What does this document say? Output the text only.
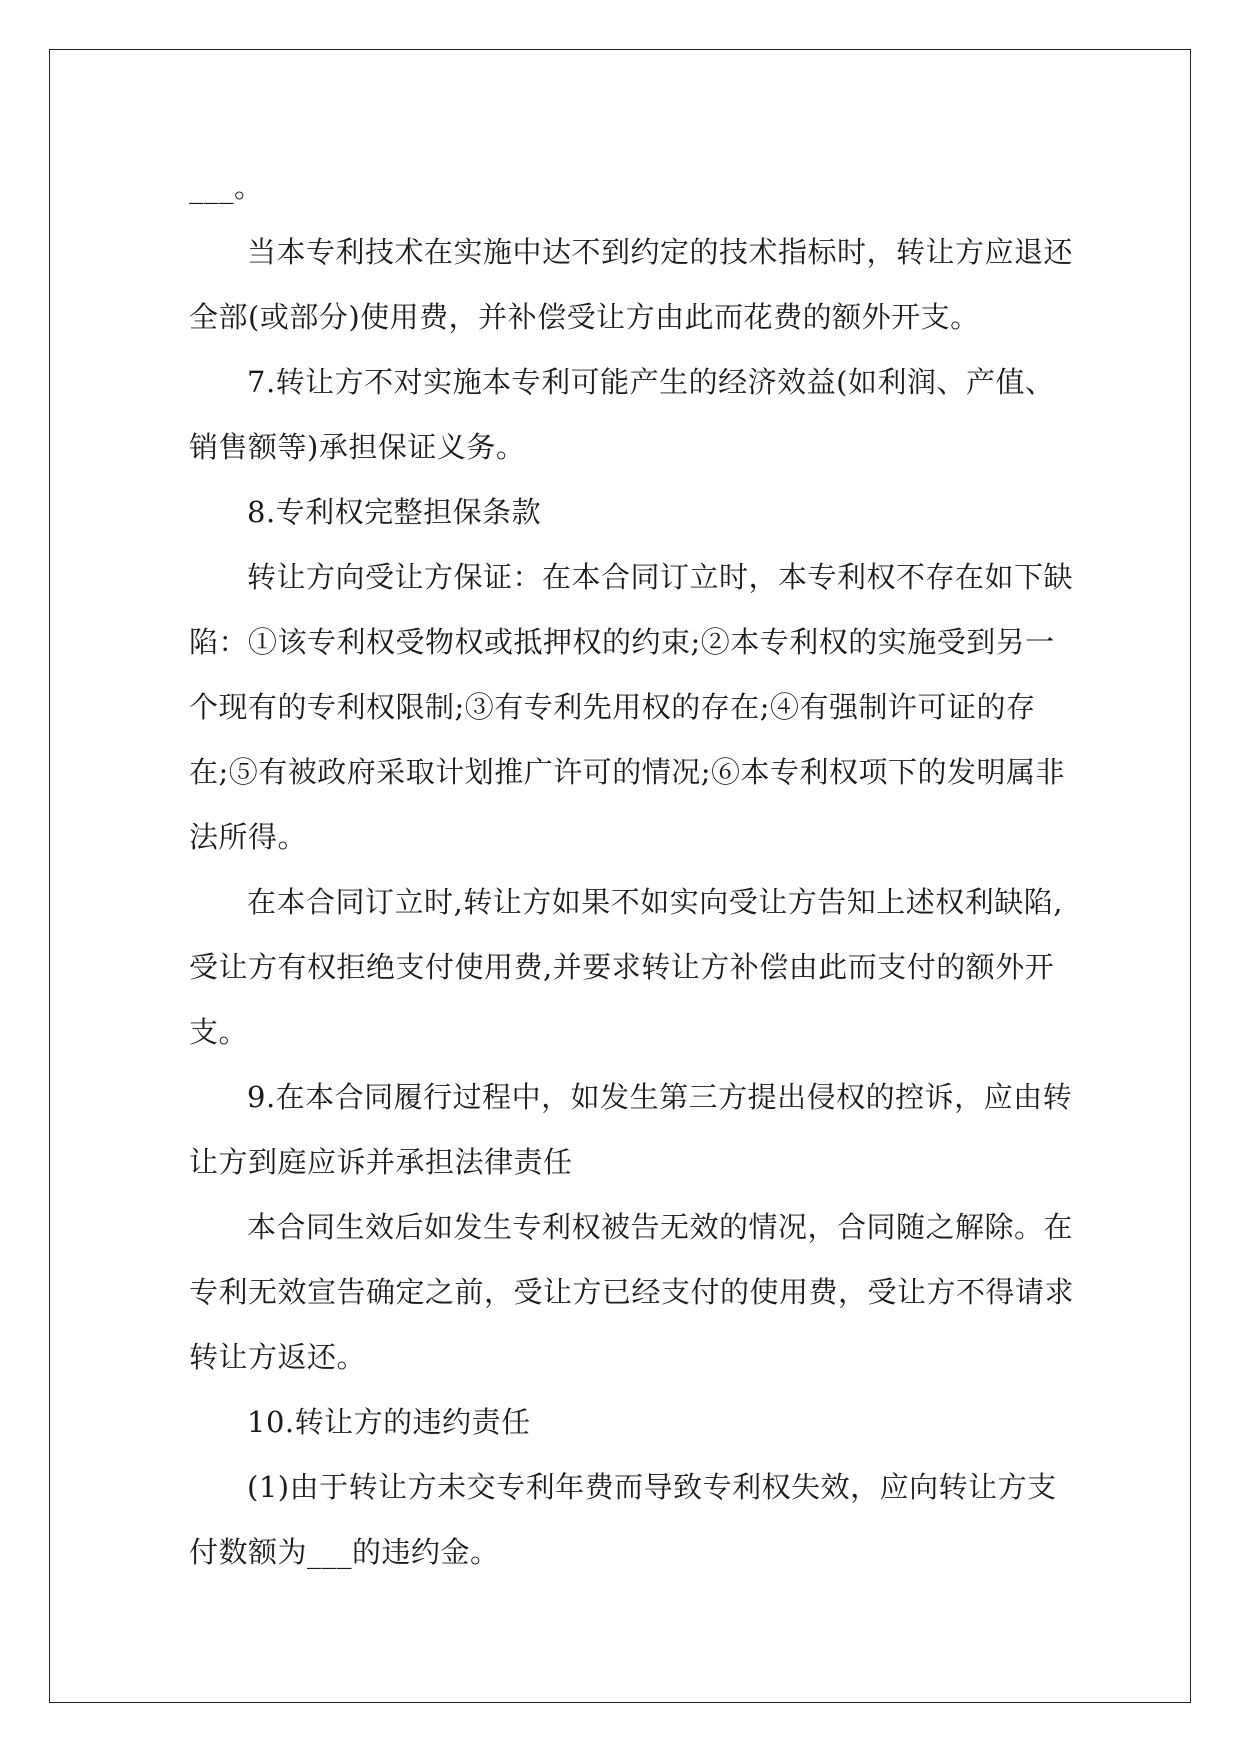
___。
当本专利技术在实施中达不到约定的技术指标时，转让方应退还
全部(或部分)使用费，并补偿受让方由此而花费的额外开支。
7.转让方不对实施本专利可能产生的经济效益(如利润、产值、
销售额等)承担保证义务。
8.专利权完整担保条款
转让方向受让方保证：在本合同订立时，本专利权不存在如下缺
陷：①该专利权受物权或抵押权的约束;②本专利权的实施受到另一
个现有的专利权限制;③有专利先用权的存在;④有强制许可证的存
在;⑤有被政府采取计划推广许可的情况;⑥本专利权项下的发明属非
法所得。
在本合同订立时,转让方如果不如实向受让方告知上述权利缺陷,
受让方有权拒绝支付使用费,并要求转让方补偿由此而支付的额外开
支。
9.在本合同履行过程中，如发生第三方提出侵权的控诉，应由转
让方到庭应诉并承担法律责任
本合同生效后如发生专利权被告无效的情况，合同随之解除。在
专利无效宣告确定之前，受让方已经支付的使用费，受让方不得请求
转让方返还。
10.转让方的违约责任
(1)由于转让方未交专利年费而导致专利权失效，应向转让方支
付数额为___的违约金。
